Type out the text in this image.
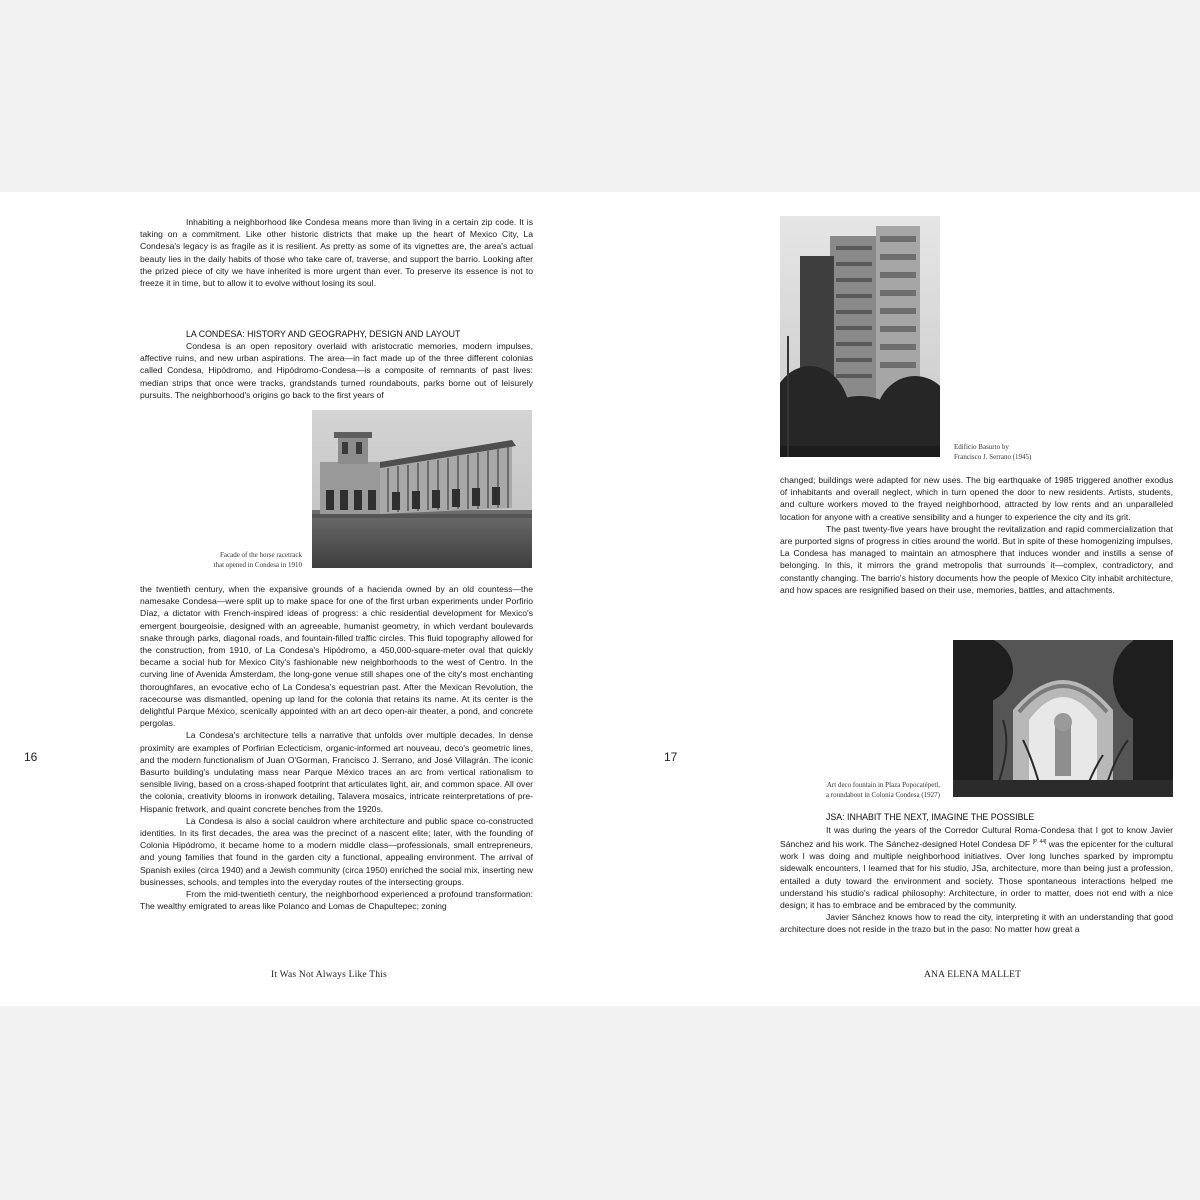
Inhabiting a neighborhood like Condesa means more than living in a certain zip code. It is taking on a commitment. Like other historic districts that make up the heart of Mexico City, La Condesa's legacy is as fragile as it is resilient. As pretty as some of its vignettes are, the area's actual beauty lies in the daily habits of those who take care of, traverse, and support the barrio. Looking after the prized piece of city we have inherited is more urgent than ever. To preserve its essence is not to freeze it in time, but to allow it to evolve without losing its soul.

LA CONDESA: HISTORY AND GEOGRAPHY, DESIGN AND LAYOUT

Condesa is an open repository overlaid with aristocratic memories, modern impulses, affective ruins, and new urban aspirations. The area—in fact made up of the three different colonias called Condesa, Hipódromo, and Hipódromo-Condesa—is a composite of remnants of past lives: median strips that once were tracks, grandstands turned roundabouts, parks borne out of leisurely pursuits. The neighborhood's origins go back to the first years of

Facade of the horse racetrack
that opened in Condesa in 1910

the twentieth century, when the expansive grounds of a hacienda owned by an old countess—the namesake Condesa—were split up to make space for one of the first urban experiments under Porfirio Díaz, a dictator with French-inspired ideas of progress: a chic residential development for Mexico's emergent bourgeoisie, designed with an agreeable, humanist geometry, in which verdant boulevards snake through parks, diagonal roads, and fountain-filled traffic circles. This fluid topography allowed for the construction, from 1910, of La Condesa's Hipódromo, a 450,000-square-meter oval that quickly became a social hub for Mexico City's fashionable new neighborhoods to the west of Centro. In the curving line of Avenida Ámsterdam, the long-gone venue still shapes one of the city's most enchanting thoroughfares, an evocative echo of La Condesa's equestrian past. After the Mexican Revolution, the racecourse was dismantled, opening up land for the colonia that retains its name. At its center is the delightful Parque México, scenically appointed with an art deco open-air theater, a pond, and concrete pergolas.

La Condesa's architecture tells a narrative that unfolds over multiple decades. In dense proximity are examples of Porfirian Eclecticism, organic-informed art nouveau, deco's geometric lines, and the modern functionalism of Juan O'Gorman, Francisco J. Serrano, and José Villagrán. The iconic Basurto building's undulating mass near Parque México traces an arc from vertical rationalism to sensible living, based on a cross-shaped footprint that articulates light, air, and common space. All over the colonia, creativity blooms in ironwork detailing, Talavera mosaics, intricate reinterpretations of pre-Hispanic fretwork, and quaint concrete benches from the 1920s.

La Condesa is also a social cauldron where architecture and public space co-constructed identities. In its first decades, the area was the precinct of a nascent elite; later, with the founding of Colonia Hipódromo, it became home to a modern middle class—professionals, small entrepreneurs, and young families that found in the garden city a functional, appealing environment. The arrival of Spanish exiles (circa 1940) and a Jewish community (circa 1950) enriched the social mix, inserting new businesses, schools, and temples into the everyday routes of the intersecting groups.

From the mid-twentieth century, the neighborhood experienced a profound transformation: The wealthy emigrated to areas like Polanco and Lomas de Chapultepec; zoning

16
It Was Not Always Like This
Edificio Basurto by
Francisco J. Serrano (1945)

changed; buildings were adapted for new uses. The big earthquake of 1985 triggered another exodus of inhabitants and overall neglect, which in turn opened the door to new residents. Artists, students, and culture workers moved to the frayed neighborhood, attracted by low rents and an unparalleled location for anyone with a creative sensibility and a hunger to experience the city and its grit.

The past twenty-five years have brought the revitalization and rapid commercialization that are purported signs of progress in cities around the world. But in spite of these homogenizing impulses, La Condesa has managed to maintain an atmosphere that induces wonder and instills a sense of belonging. In this, it mirrors the grand metropolis that surrounds it—complex, contradictory, and constantly changing. The barrio's history documents how the people of Mexico City inhabit architecture, and how spaces are resignified based on their use, memories, battles, and attachments.

Art deco fountain in Plaza Popocatépetl,
a roundabout in Colonia Condesa (1927)
JSA: INHABIT THE NEXT, IMAGINE THE POSSIBLE

It was during the years of the Corredor Cultural Roma-Condesa that I got to know Javier Sánchez and his work. The Sánchez-designed Hotel Condesa DF [P. 44] was the epicenter for the cultural work I was doing and multiple neighborhood initiatives. Over long lunches sparked by impromptu sidewalk encounters, I learned that for his studio, JSa, architecture, more than being just a profession, entailed a duty toward the environment and society. Those spontaneous interactions helped me understand his studio's radical philosophy: Architecture, in order to matter, does not end with a nice design; it has to embrace and be embraced by the community.

Javier Sánchez knows how to read the city, interpreting it with an understanding that good architecture does not reside in the trazo but in the paso: No matter how great a

17
ANA ELENA MALLET
